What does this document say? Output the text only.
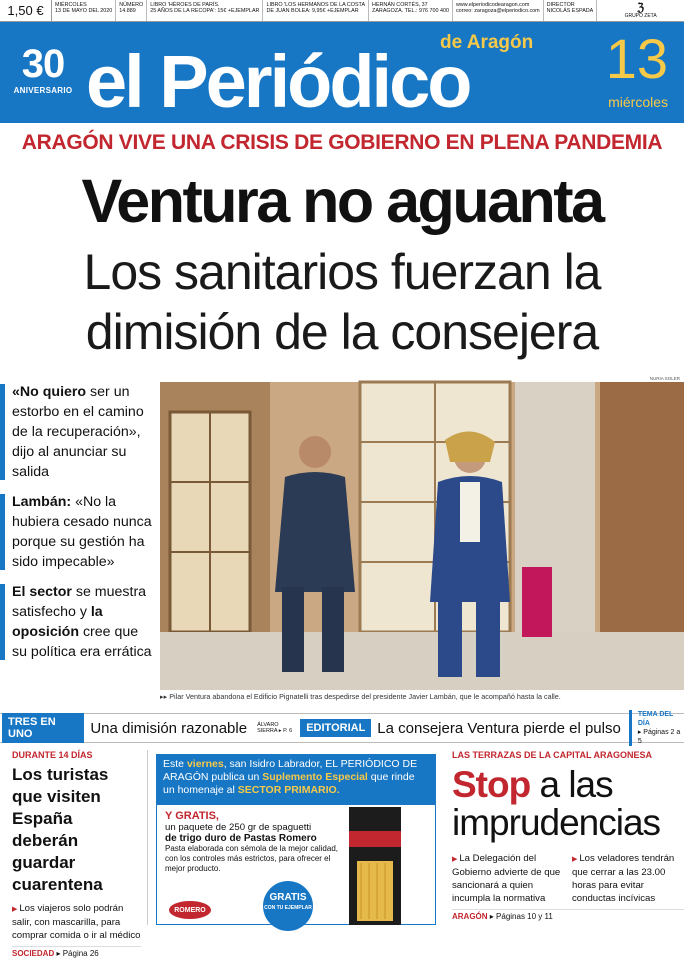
1,50 €	MIÉRCOLES
13 DE MAYO DEL 2020
NÚMERO
14.889
LIBRO 'HÉROES DE PARÍS.
25 AÑOS DE LA RECOPA': 15€ +EJEMPLAR
LIBRO 'LOS HERMANOS DE LA COSTA
DE JUAN BOLEA: 9,95€ +EJEMPLAR
HERNÁN CORTÉS, 37
ZARAGOZA. TEL.: 976 700 400
www.elperiodicodearagon.com
correo: zaragoza@elperiodico.com
DIRECTOR
NICOLÁS ESPADA	ℨ
GRUPO ZETA
30
ANIVERSARIO el Periódico
de Aragón 13
miércoles
ARAGÓN VIVE UNA CRISIS DE GOBIERNO EN PLENA PANDEMIA
Ventura no aguanta
Los sanitarios fuerzan la dimisión de la consejera
«No quiero ser un estorbo en el camino de la recuperación», dijo al anunciar su salida
Lambán: «No la hubiera cesado nunca porque su gestión ha sido impecable»
El sector se muestra satisfecho y la oposición cree que su política era errática
NURIA SOLER
▸▸ Pilar Ventura abandona el Edificio Pignatelli tras despedirse del presidente Javier Lambán, que le acompañó hasta la calle.
TRES EN UNO	Una dimisión razonable	ÁLVARO SIERRA ▸ P. 6	EDITORIAL La consejera Ventura pierde el pulso
TEMA DEL DÍA
▸ Páginas 2 a 5
DURANTE 14 DÍAS
Los turistas que visiten España deberán guardar cuarentena
▶ Los viajeros solo podrán salir, con mascarilla, para comprar comida o ir al médico
SOCIEDAD ▸ Página 26
Este viernes, san Isidro Labrador, EL PERIÓDICO DE ARAGÓN publica un Suplemento Especial que rinde un homenaje al SECTOR PRIMARIO.
Y GRATIS,
un paquete de 250 gr de spaguetti
de trigo duro de Pastas Romero
Pasta elaborada con sémola de la mejor calidad, con los controles más estrictos, para ofrecer el mejor producto.
ROMERO
GRATIS
CON TU EJEMPLAR
LAS TERRAZAS DE LA CAPITAL ARAGONESA
Stop a las imprudencias
▶ La Delegación del Gobierno advierte de que sancionará a quien incumpla la normativa
▶ Los veladores tendrán que cerrar a las 23.00 horas para evitar conductas incívicas
ARAGÓN ▸ Páginas 10 y 11
